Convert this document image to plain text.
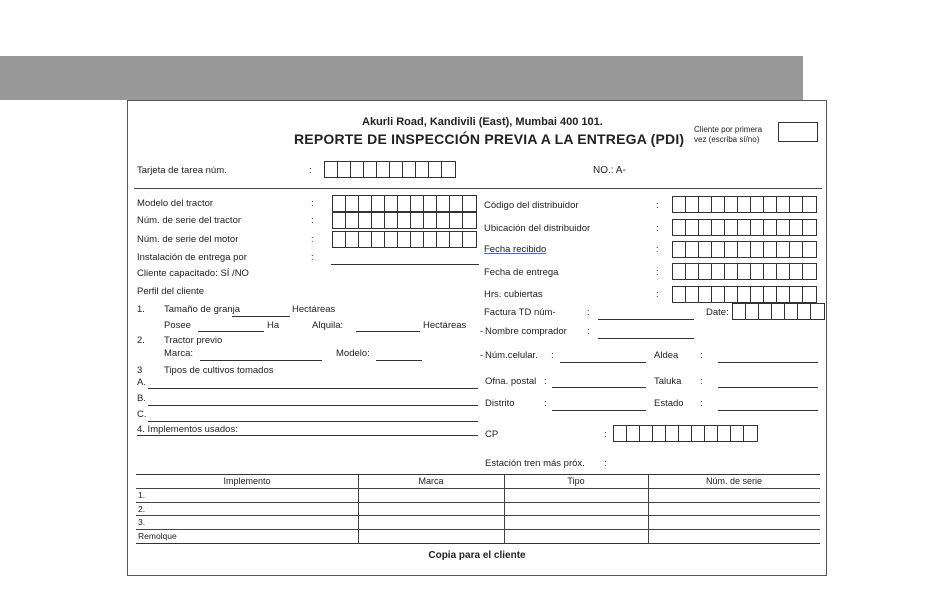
Akurli Road, Kandivili (East), Mumbai 400 101.
REPORTE DE INSPECCIÓN PREVIA A LA ENTREGA (PDI)
Cliente por primera vez (escriba sí/no)
Tarjeta de tarea núm.	:	NO.: A-
Modelo del tractor	:
Núm. de serie del tractor	:
Núm. de serie del motor	:
Instalación de entrega por	:
Cliente capacitado: SÍ /NO
Perfil del cliente
1. Tamaño de granja	Hectáreas
Posee	Ha	Alquila:	Hectáreas
2. Tractor previo
Marca:	Modelo:
3 Tipos de cultivos tomados
A.
B.
C.
4. Implementos usados:
Código del distribuidor	:
Ubicación del distribuidor	:
Fecha recibido	:
Fecha de entrega	:
Hrs. cubiertas	:
Factura TD núm-	:	Date:
- Nombre comprador :
- Núm.celular. :	Aldea :
Ofna. postal :	Taluka :
Distrito	:	Estado :
CP	:
Estación tren más próx. :
Implemento	Marca	Tipo	Núm. de serie
1.
2.
3.
Remolque
Copia para el cliente
